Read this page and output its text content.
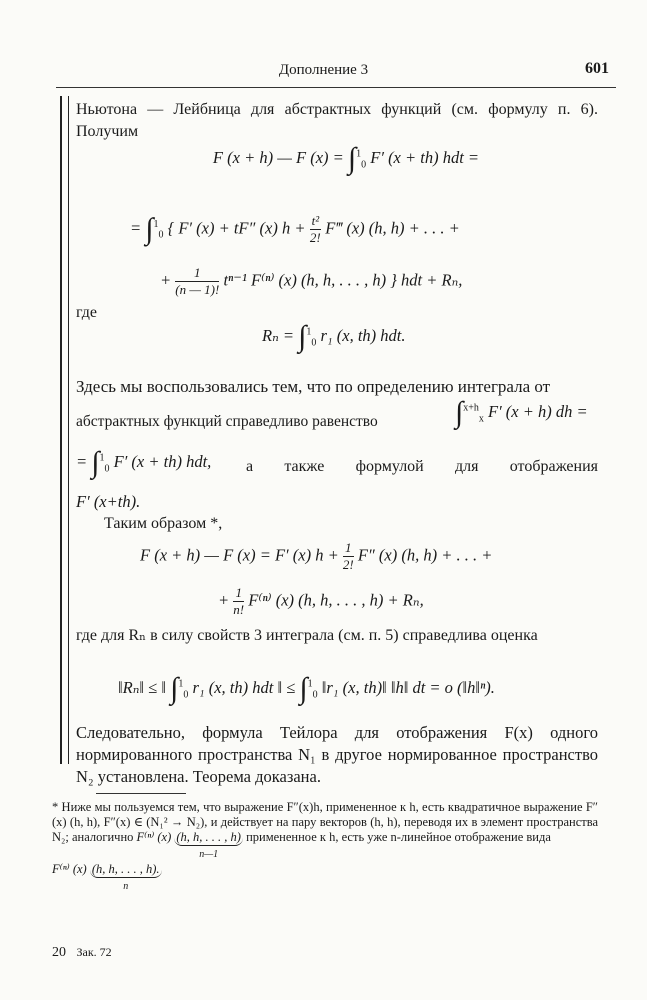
Дополнение 3	601
Ньютона — Лейбница для абстрактных функций (см. формулу п. 6). Получим
F (x + h) — F (x) = ∫$^1_0$ F′ (x + th) hdt =
= ∫$^1_0$ { F′ (x) + tF″ (x) $h + \frac{\text{t²}}{2!}$ F‴ (x) (h, h) + . . . +
+ $\frac{1}{(n — 1)!} t^{n-1}$ F⁽ⁿ⁾ (x) (h, h, . . . , h) } hdt + Rₙ,
где
Rₙ = ∫$^1_0$ r₁ (x, th) hdt.
Здесь мы воспользовались тем, что по определению интеграла от
абстрактных функций справедливо равенство	∫$^{x+h}_x$ F′ (x + h) dh =
= ∫$^1_0$ F′ (x + th) hdt, а также формулой для отображения
F′ (x+th).
Таким образом *,
F (x + h) — F (x) = F′ (x) $h + \frac{1}{2!} F''$ (x) (h, h) + . . . +
+ $\frac{1}{n!} F^{(n)}$ (x) (h, h, . . . , h) + Rₙ,
где для Rₙ в силу свойств 3 интеграла (см. п. 5) справедлива оценка
‖Rₙ‖ ≤ ‖ ∫$^1_0$ r₁ (x, th) hdt ‖ ≤ ∫$^1_0$ ‖r₁ (x, th)‖ ‖h‖ dt = o (‖h‖ⁿ).
Следовательно, формула Тейлора для отображения F(x) одного нормированного пространства N₁ в другое нормированное пространство N₂ установлена. Теорема доказана.
* Ниже мы пользуемся тем, что выражение F″(x)h, примененное к h, есть квадратичное выражение F″(x) (h, h), F″(x) ∈ (N₁² → N₂), и действует на пару векторов (h, h), переводя их в элемент пространства N₂; аналогично F⁽ⁿ⁾ (x) (h, h, . . . , h)
n—1 примененное к h, есть уже n-линейное отображение вида
F⁽ⁿ⁾ (x) (h, h, . . . , h).
n
20 Зак. 72
